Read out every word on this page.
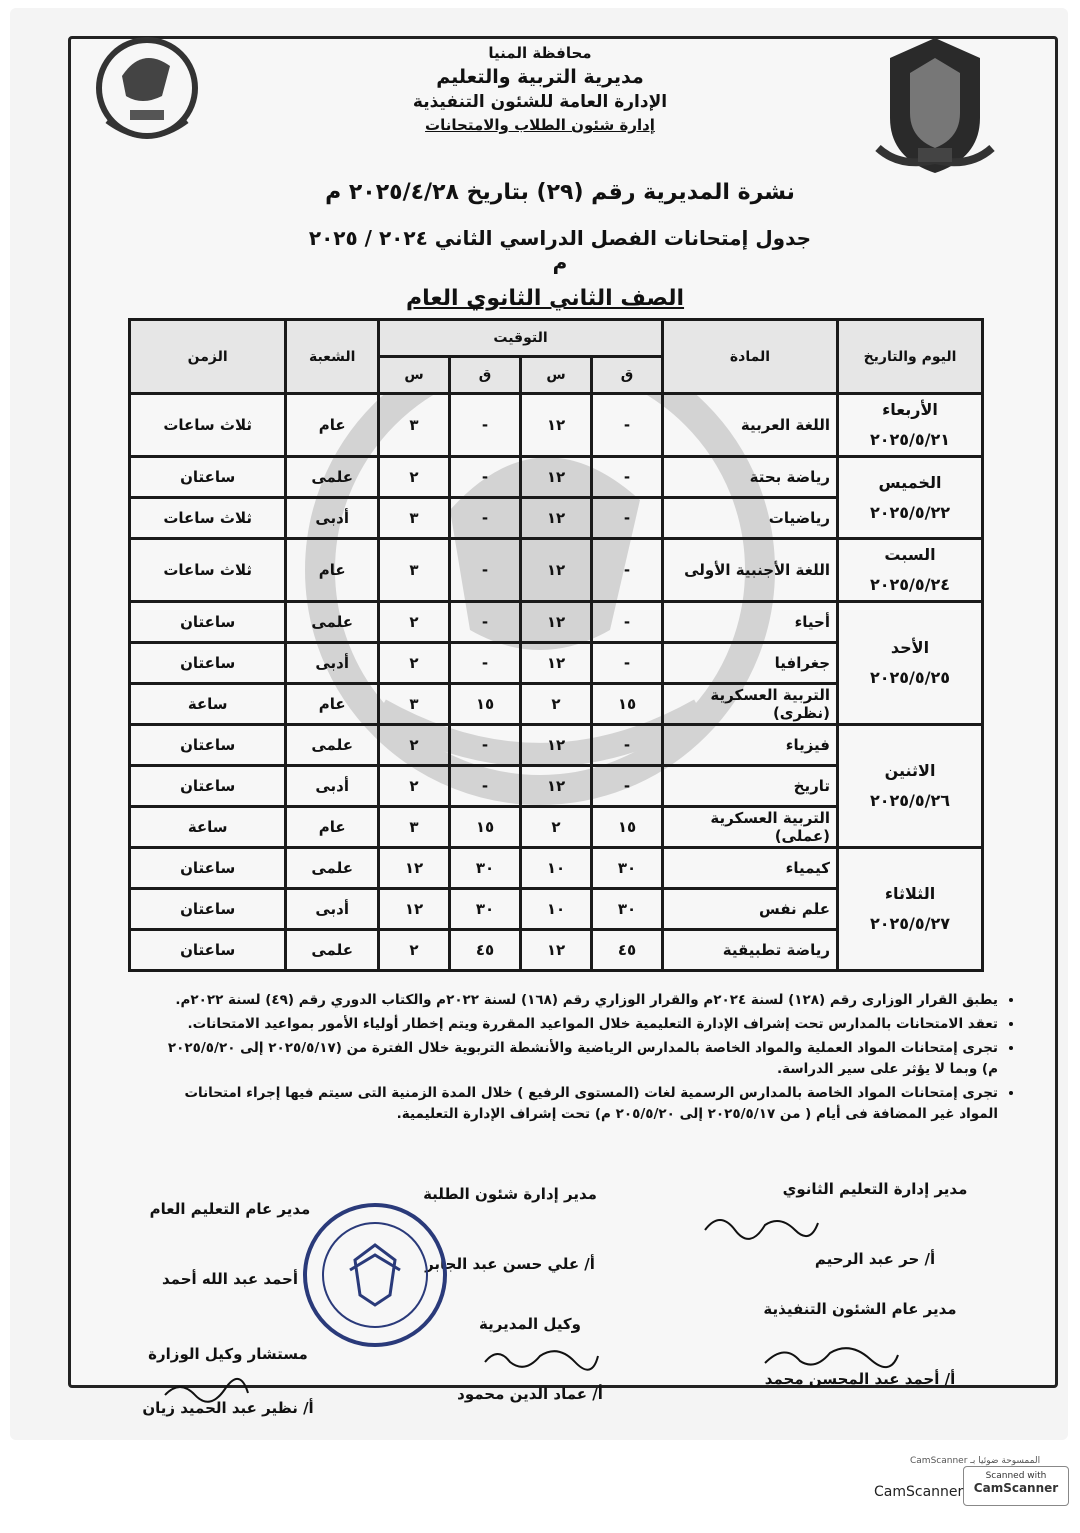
محافظة المنيا
مديرية التربية والتعليم
الإدارة العامة للشئون التنفيذية
إدارة شئون الطلاب والامتحانات
نشرة المديرية رقم (٢٩) بتاريخ ٢٠٢٥/٤/٢٨ م
جدول إمتحانات الفصل الدراسي الثاني ٢٠٢٤ / ٢٠٢٥ م
الصف الثاني الثانوي العام
اليوم والتاريخ	المادة	التوقيت				الشعبة	الزمن
		ق	س	ق	س		

الأربعاء
٢٠٢٥/٥/٢١	اللغة العربية	-	١٢	-	٣	عام	ثلاث ساعات

الخميس
٢٠٢٥/٥/٢٢	رياضة بحتة	-	١٢	-	٢	علمى	ساعتان
	رياضيات	-	١٢	-	٣	أدبى	ثلاث ساعات

السبت
٢٠٢٥/٥/٢٤	اللغة الأجنبية الأولى	-	١٢	-	٣	عام	ثلاث ساعات

الأحد
٢٠٢٥/٥/٢٥	أحياء	-	١٢	-	٢	علمى	ساعتان
	جغرافيا	-	١٢	-	٢	أدبى	ساعتان
	التربية العسكرية (نظرى)	١٥	٢	١٥	٣	عام	ساعة

الاثنين
٢٠٢٥/٥/٢٦	فيزياء	-	١٢	-	٢	علمى	ساعتان
	تاريخ	-	١٢	-	٢	أدبى	ساعتان
	التربية العسكرية (عملى)	١٥	٢	١٥	٣	عام	ساعة

الثلاثاء
٢٠٢٥/٥/٢٧	كيمياء	٣٠	١٠	٣٠	١٢	علمى	ساعتان
	علم نفس	٣٠	١٠	٣٠	١٢	أدبى	ساعتان
	رياضة تطبيقية	٤٥	١٢	٤٥	٢	علمى	ساعتان
• يطبق القرار الوزارى رقم (١٢٨) لسنة ٢٠٢٤م والقرار الوزاري رقم (١٦٨) لسنة ٢٠٢٢م والكتاب الدوري رقم (٤٩) لسنة ٢٠٢٢م.
• تعقد الامتحانات بالمدارس تحت إشراف الإدارة التعليمية خلال المواعيد المقررة ويتم إخطار أولياء الأمور بمواعيد الامتحانات.
• تجرى إمتحانات المواد العملية والمواد الخاصة بالمدارس الرياضية والأنشطة التربوية خلال الفترة من (٢٠٢٥/٥/١٧ إلى ٢٠٢٥/٥/٢٠ م) وبما لا يؤثر على سير الدراسة.
• تجرى إمتحانات المواد الخاصة بالمدارس الرسمية لغات (المستوى الرفيع ) خلال المدة الزمنية التى سيتم فيها إجراء امتحانات المواد غير المضافة فى أيام ( من ٢٠٢٥/٥/١٧ إلى ٢٠٥/٥/٢٠ م) تحت إشراف الإدارة التعليمية.
مدير إدارة التعليم الثانوي
أ/ حر عبد الرحيم
مدير إدارة شئون الطلبة
أ/ علي حسن عبد الجابر
مدير عام التعليم العام
أحمد عبد الله أحمد
مدير عام الشئون التنفيذية
أ/ أحمد عبد المحسن محمد
وكيل المديرية
أ/ عماد الدين محمود
مستشار وكيل الوزارة
أ/ نظير عبد الحميد زيان
CamScanner الممسوحة ضوئيا بـ
Scanned with
CamScanner
CamScanner
